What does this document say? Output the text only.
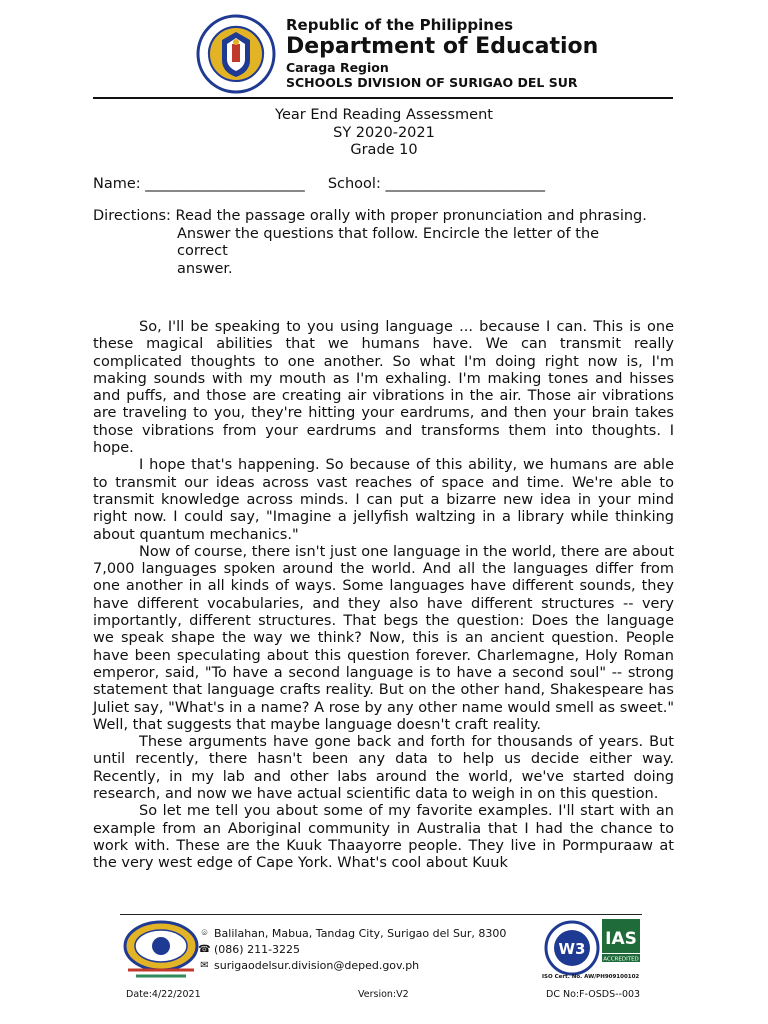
Republic of the Philippines
Department of Education
Caraga Region
SCHOOLS DIVISION OF SURIGAO DEL SUR
Year End Reading Assessment
SY 2020-2021
Grade 10
Name: ______________________     School: ______________________
Directions: Read the passage orally with proper pronunciation and phrasing.
Answer the questions that follow. Encircle the letter of the correct
answer.

So, I'll be speaking to you using language ... because I can. This is one these magical abilities that we humans have. We can transmit really complicated thoughts to one another. So what I'm doing right now is, I'm making sounds with my mouth as I'm exhaling. I'm making tones and hisses and puffs, and those are creating air vibrations in the air. Those air vibrations are traveling to you, they're hitting your eardrums, and then your brain takes those vibrations from your eardrums and transforms them into thoughts. I hope.

I hope that's happening. So because of this ability, we humans are able to transmit our ideas across vast reaches of space and time. We're able to transmit knowledge across minds. I can put a bizarre new idea in your mind right now. I could say, "Imagine a jellyfish waltzing in a library while thinking about quantum mechanics."

Now of course, there isn't just one language in the world, there are about 7,000 languages spoken around the world. And all the languages differ from one another in all kinds of ways. Some languages have different sounds, they have different vocabularies, and they also have different structures -- very importantly, different structures. That begs the question: Does the language we speak shape the way we think? Now, this is an ancient question. People have been speculating about this question forever. Charlemagne, Holy Roman emperor, said, "To have a second language is to have a second soul" -- strong statement that language crafts reality. But on the other hand, Shakespeare has Juliet say, "What's in a name? A rose by any other name would smell as sweet." Well, that suggests that maybe language doesn't craft reality.

These arguments have gone back and forth for thousands of years. But until recently, there hasn't been any data to help us decide either way. Recently, in my lab and other labs around the world, we've started doing research, and now we have actual scientific data to weigh in on this question.

So let me tell you about some of my favorite examples. I'll start with an example from an Aboriginal community in Australia that I had the chance to work with. These are the Kuuk Thaayorre people. They live in Pormpuraaw at the very west edge of Cape York. What's cool about Kuuk

⌾ Balilahan, Mabua, Tandag City, Surigao del Sur, 8300
☎ (086) 211-3225
✉ surigaodelsur.division@deped.gov.ph
W3 IAS
ACCREDITED
ISO Cert. No. AW/PH909100102
Date:4/22/2021	Version:V2	DC No:F-OSDS--003
